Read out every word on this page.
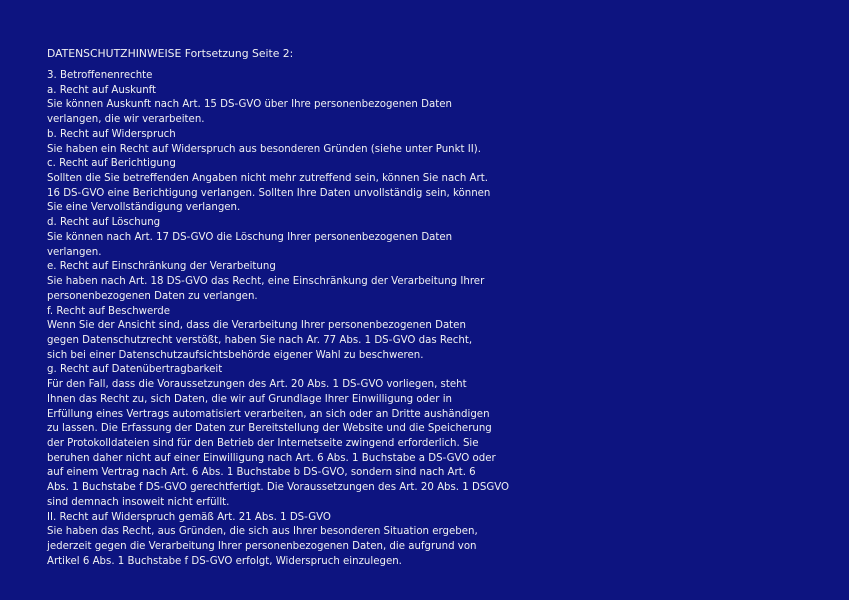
DATENSCHUTZHINWEISE Fortsetzung Seite 2:
3. Betroffenenrechte
a. Recht auf Auskunft
Sie können Auskunft nach Art. 15 DS-GVO über Ihre personenbezogenen Daten
verlangen, die wir verarbeiten.
b. Recht auf Widerspruch
Sie haben ein Recht auf Widerspruch aus besonderen Gründen (siehe unter Punkt II).
c. Recht auf Berichtigung
Sollten die Sie betreffenden Angaben nicht mehr zutreffend sein, können Sie nach Art.
16 DS-GVO eine Berichtigung verlangen. Sollten Ihre Daten unvollständig sein, können
Sie eine Vervollständigung verlangen.
d. Recht auf Löschung
Sie können nach Art. 17 DS-GVO die Löschung Ihrer personenbezogenen Daten
verlangen.
e. Recht auf Einschränkung der Verarbeitung
Sie haben nach Art. 18 DS-GVO das Recht, eine Einschränkung der Verarbeitung Ihrer
personenbezogenen Daten zu verlangen.
f. Recht auf Beschwerde
Wenn Sie der Ansicht sind, dass die Verarbeitung Ihrer personenbezogenen Daten
gegen Datenschutzrecht verstößt, haben Sie nach Ar. 77 Abs. 1 DS-GVO das Recht,
sich bei einer Datenschutzaufsichtsbehörde eigener Wahl zu beschweren.
g. Recht auf Datenübertragbarkeit
Für den Fall, dass die Voraussetzungen des Art. 20 Abs. 1 DS-GVO vorliegen, steht
Ihnen das Recht zu, sich Daten, die wir auf Grundlage Ihrer Einwilligung oder in
Erfüllung eines Vertrags automatisiert verarbeiten, an sich oder an Dritte aushändigen
zu lassen. Die Erfassung der Daten zur Bereitstellung der Website und die Speicherung
der Protokolldateien sind für den Betrieb der Internetseite zwingend erforderlich. Sie
beruhen daher nicht auf einer Einwilligung nach Art. 6 Abs. 1 Buchstabe a DS-GVO oder
auf einem Vertrag nach Art. 6 Abs. 1 Buchstabe b DS-GVO, sondern sind nach Art. 6
Abs. 1 Buchstabe f DS-GVO gerechtfertigt. Die Voraussetzungen des Art. 20 Abs. 1 DSGVO
sind demnach insoweit nicht erfüllt.
II. Recht auf Widerspruch gemäß Art. 21 Abs. 1 DS-GVO
Sie haben das Recht, aus Gründen, die sich aus Ihrer besonderen Situation ergeben,
jederzeit gegen die Verarbeitung Ihrer personenbezogenen Daten, die aufgrund von
Artikel 6 Abs. 1 Buchstabe f DS-GVO erfolgt, Widerspruch einzulegen.
